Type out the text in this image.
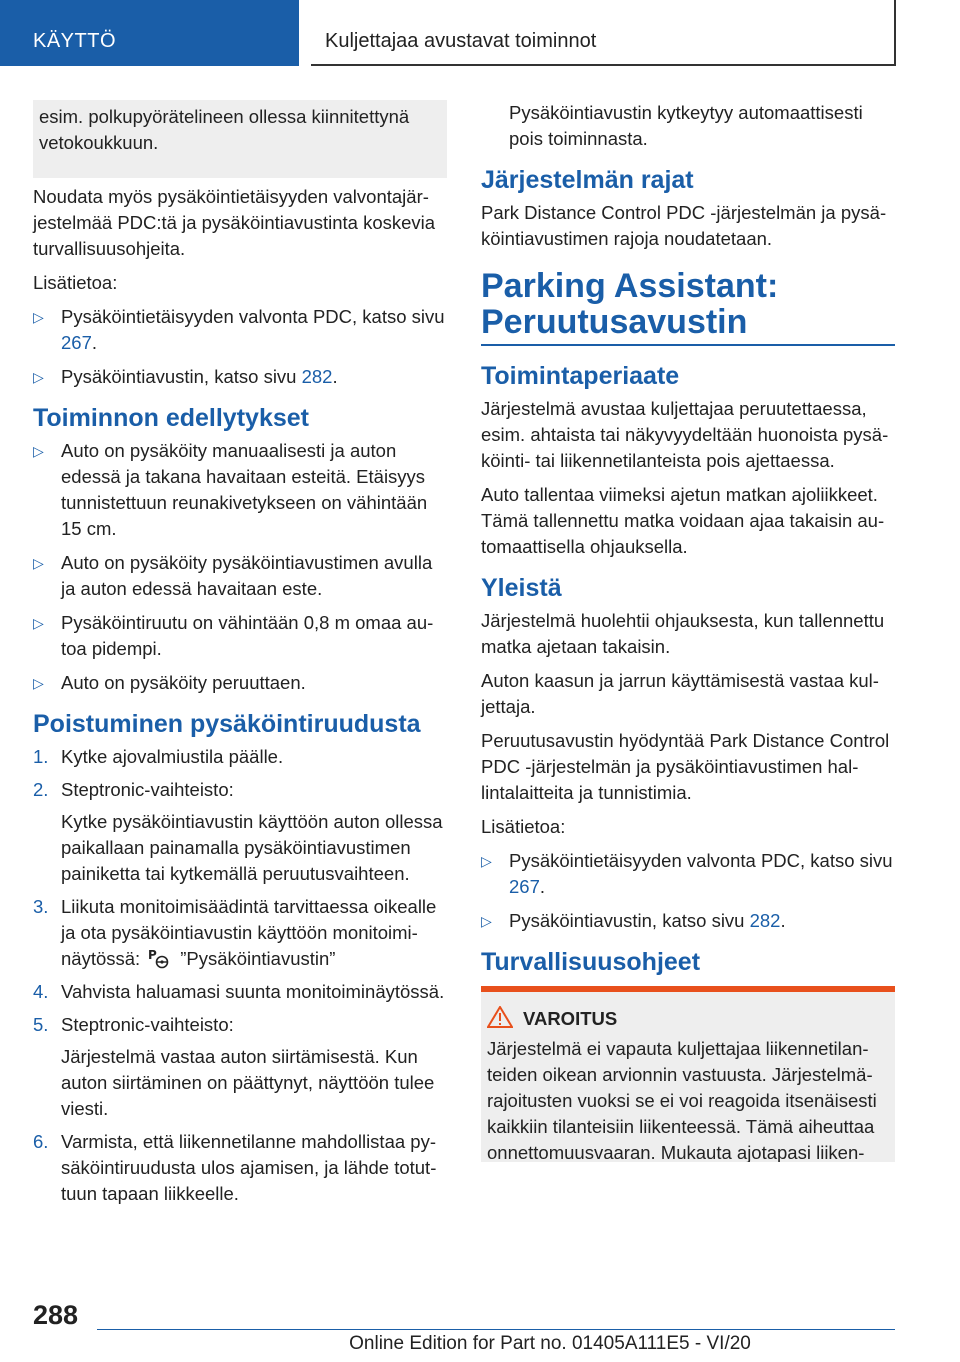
KÄYTTÖ	Kuljettajaa avustavat toiminnot
esim. polkupyörätelineen ollessa kiinnitettynä vetokoukkuun.

Noudata myös pysäköintietäisyyden valvontajärjestelmää PDC:tä ja pysäköintiavustinta koskevia turvallisuusohjeita.

Lisätietoa:

▷ Pysäköintietäisyyden valvonta PDC, katso sivu 267.
▷ Pysäköintiavustin, katso sivu 282.
Toiminnon edellytykset
▷ Auto on pysäköity manuaalisesti ja auton edessä ja takana havaitaan esteitä. Etäisyys tunnistettuun reunakivetykseen on vähintään 15 cm.
▷ Auto on pysäköity pysäköintiavustimen avulla ja auton edessä havaitaan este.
▷ Pysäköintiruutu on vähintään 0,8 m omaa autoa pidempi.
▷ Auto on pysäköity peruuttaen.
Poistuminen pysäköintiruudusta
1. Kytke ajovalmiustila päälle.
2. Steptronic-vaihteisto:
Kytke pysäköintiavustin käyttöön auton ollessa paikallaan painamalla pysäköintiavustimen painiketta tai kytkemällä peruutusvaihteen.
3. Liikuta monitoimisäädintä tarvittaessa oikealle ja ota pysäköintiavustin käyttöön monitoiminäytössä: P ”Pysäköintiavustin”
4. Vahvista haluamasi suunta monitoiminäytössä.
5. Steptronic-vaihteisto:
Järjestelmä vastaa auton siirtämisestä. Kun auton siirtäminen on päättynyt, näyttöön tulee viesti.
6. Varmista, että liikennetilanne mahdollistaa pysäköintiruudusta ulos ajamisen, ja lähde totuttuun tapaan liikkeelle.

Pysäköintiavustin kytkeytyy automaattisesti pois toiminnasta.

Järjestelmän rajat

Park Distance Control PDC -järjestelmän ja pysäköintiavustimen rajoja noudatetaan.

Parking Assistant: Peruutusavustin
Toimintaperiaate

Järjestelmä avustaa kuljettajaa peruutettaessa, esim. ahtaista tai näkyvyydeltään huonoista pysäköinti- tai liikennetilanteista pois ajettaessa.

Auto tallentaa viimeksi ajetun matkan ajoliikkeet. Tämä tallennettu matka voidaan ajaa takaisin automaattisella ohjauksella.

Yleistä

Järjestelmä huolehtii ohjauksesta, kun tallennettu matka ajetaan takaisin.

Auton kaasun ja jarrun käyttämisestä vastaa kuljettaja.

Peruutusavustin hyödyntää Park Distance Control PDC -järjestelmän ja pysäköintiavustimen hallintalaitteita ja tunnistimia.

Lisätietoa:

▷ Pysäköintietäisyyden valvonta PDC, katso sivu 267.
▷ Pysäköintiavustin, katso sivu 282.
Turvallisuusohjeet
VAROITUS

Järjestelmä ei vapauta kuljettajaa liikennetilanteiden oikean arvionnin vastuusta. Järjestelmärajoitusten vuoksi se ei voi reagoida itsenäisesti kaikkiin tilanteisiin liikenteessä. Tämä aiheuttaa onnettomuusvaaran. Mukauta ajotapasi liiken-

288
Online Edition for Part no. 01405A111E5 - VI/20
